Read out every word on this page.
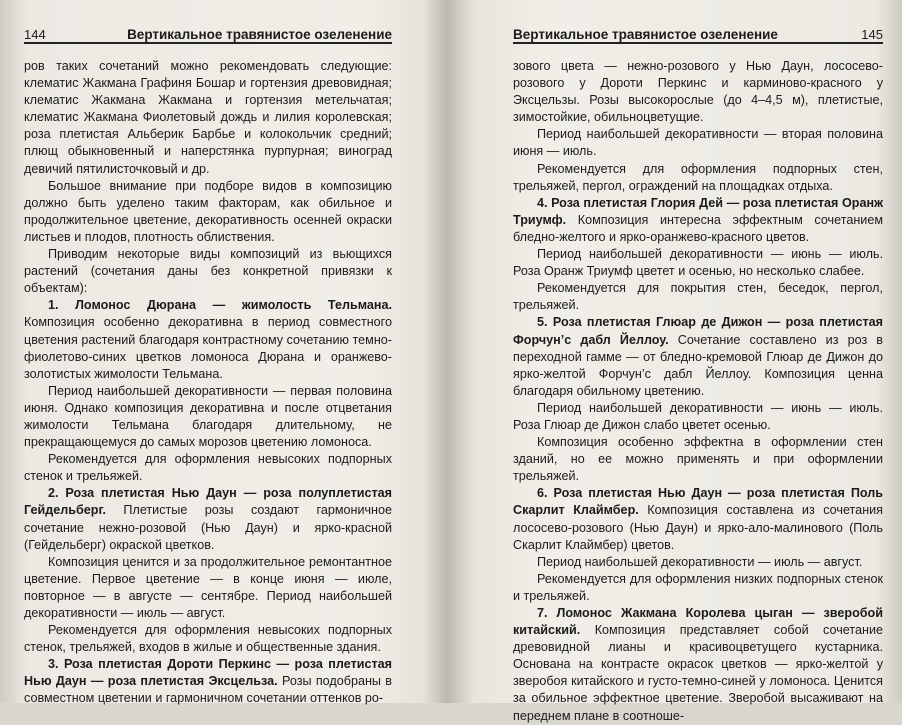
144	Вертикальное травянистое озеленение

ров таких сочетаний можно рекомендовать следующие: клематис Жакмана Графиня Бошар и гортензия древовидная; клематис Жакмана Жакмана и гортензия метельчатая; клематис Жакмана Фиолетовый дождь и лилия королевская; роза плетистая Альберик Барбье и колокольчик средний; плющ обыкновенный и наперстянка пурпурная; виноград девичий пятилисточковый и др.

Большое внимание при подборе видов в композицию должно быть уделено таким факторам, как обильное и продолжительное цветение, декоративность осенней окраски листьев и плодов, плотность облиствения.

Приводим некоторые виды композиций из вьющихся растений (сочетания даны без конкретной привязки к объектам):

1. Ломонос Дюрана — жимолость Тельмана. Композиция особенно декоративна в период совместного цветения растений благодаря контрастному сочетанию темно-фиолетово-синих цветков ломоноса Дюрана и оранжево-золотистых жимолости Тельмана.

Период наибольшей декоративности — первая половина июня. Однако композиция декоративна и после отцветания жимолости Тельмана благодаря длительному, не прекращающемуся до самых морозов цветению ломоноса.

Рекомендуется для оформления невысоких подпорных стенок и трельяжей.

2. Роза плетистая Нью Даун — роза полуплетистая Гейдельберг. Плетистые розы создают гармоничное сочетание нежно-розовой (Нью Даун) и ярко-красной (Гейдельберг) окраской цветков.

Композиция ценится и за продолжительное ремонтантное цветение. Первое цветение — в конце июня — июле, повторное — в августе — сентябре. Период наибольшей декоративности — июль — август.

Рекомендуется для оформления невысоких подпорных стенок, трельяжей, входов в жилые и общественные здания.

3. Роза плетистая Дороти Перкинс — роза плетистая Нью Даун — роза плетистая Эксцельза. Розы подобраны в совместном цветении и гармоничном сочетании оттенков ро-

Вертикальное травянистое озеленение	145

зового цвета — нежно-розового у Нью Даун, лососево-розового у Дороти Перкинс и карминово-красного у Эксцельзы. Розы высокорослые (до 4–4,5 м), плетистые, зимостойкие, обильноцветущие.

Период наибольшей декоративности — вторая половина июня — июль.

Рекомендуется для оформления подпорных стен, трельяжей, пергол, ограждений на площадках отдыха.

4. Роза плетистая Глория Дей — роза плетистая Оранж Триумф. Композиция интересна эффектным сочетанием бледно-желтого и ярко-оранжево-красного цветов.

Период наибольшей декоративности — июнь — июль. Роза Оранж Триумф цветет и осенью, но несколько слабее.

Рекомендуется для покрытия стен, беседок, пергол, трельяжей.

5. Роза плетистая Глюар де Дижон — роза плетистая Форчун’с дабл Йеллоу. Сочетание составлено из роз в переходной гамме — от бледно-кремовой Глюар де Дижон до ярко-желтой Форчун’с дабл Йеллоу. Композиция ценна благодаря обильному цветению.

Период наибольшей декоративности — июнь — июль. Роза Глюар де Дижон слабо цветет осенью.

Композиция особенно эффектна в оформлении стен зданий, но ее можно применять и при оформлении трельяжей.

6. Роза плетистая Нью Даун — роза плетистая Поль Скарлит Клаймбер. Композиция составлена из сочетания лососево-розового (Нью Даун) и ярко-ало-малинового (Поль Скарлит Клаймбер) цветов.

Период наибольшей декоративности — июль — август.

Рекомендуется для оформления низких подпорных стенок и трельяжей.

7. Ломонос Жакмана Королева цыган — зверобой китайский. Композиция представляет собой сочетание древовидной лианы и красивоцветущего кустарника. Основана на контрасте окрасок цветков — ярко-желтой у зверобоя китайского и густо-темно-синей у ломоноса. Ценится за обильное эффектное цветение. Зверобой высаживают на переднем плане в соотноше-
